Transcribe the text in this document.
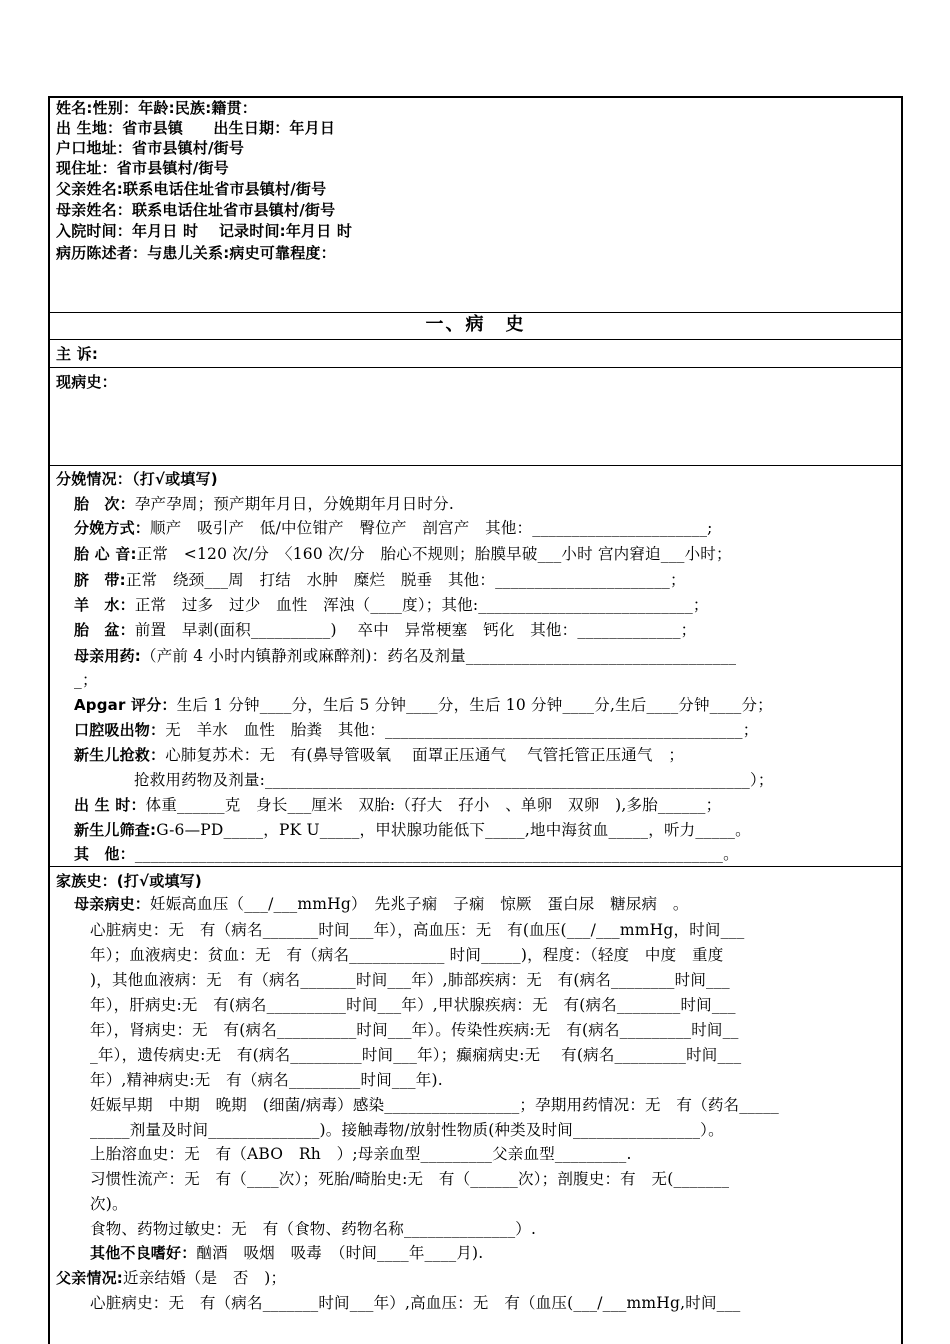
姓名:性别：年龄:民族:籍贯：
出 生地：省市县镇　　出生日期：年月日
户口地址：省市县镇村/街号
现住址：省市县镇村/街号
父亲姓名:联系电话住址省市县镇村/街号
母亲姓名：联系电话住址省市县镇村/街号
入院时间：年月日 时　 记录时间:年月日 时
病历陈述者：与患儿关系:病史可靠程度：
一、病　史
主 诉:
现病史：
分娩情况：（打√或填写)
胎　次：孕产孕周；预产期年月日，分娩期年月日时分.
分娩方式：顺产　吸引产　低/中位钳产　臀位产　剖宫产　其他：______________________;
胎 心 音:正常　<120 次/分　〈160 次/分　胎心不规则；胎膜早破___小时 宫内窘迫___小时；
脐　带:正常　绕颈___周　打结　水肿　糜烂　脱垂　其他：______________________；
羊　水：正常　过多　过少　血性　浑浊（____度）；其他:___________________________；
胎　盆：前置　早剥(面积__________)　 卒中　异常梗塞　钙化　其他：_____________；
母亲用药:（产前 4 小时内镇静剂或麻醉剂)：药名及剂量__________________________________
_；
Apgar 评分：生后 1 分钟____分，生后 5 分钟____分，生后 10 分钟____分,生后____分钟____分；
口腔吸出物：无　羊水　血性　胎粪　其他：_____________________________________________；
新生儿抢救：心肺复苏术：无　有(鼻导管吸氧　 面罩正压通气　 气管托管正压通气　；
抢救用药物及剂量:_____________________________________________________________）；
出 生 时：体重______克　身长___厘米　双胎:（孖大　孖小　、单卵　双卵　),多胎______；
新生儿筛查:G-6—PD_____，PK U_____，甲状腺功能低下_____,地中海贫血_____，听力_____。
其　他：__________________________________________________________________________。
家族史：(打√或填写)
母亲病史：妊娠高血压（___/___mmHg）　先兆子痫　子痫　惊厥　蛋白尿　糖尿病　。
心脏病史：无　有（病名_______时间___年），高血压：无　有(血压(___/___mmHg，时间___
年）；血液病史：贫血：无　有（病名____________ 时间_____)，程度：（轻度　中度　重度
)，其他血液病：无　有（病名_______时间___年）,肺部疾病：无　有(病名________时间___
年），肝病史:无　有(病名__________时间___年）,甲状腺疾病：无　有(病名________时间___
年），肾病史：无　有(病名__________时间___年）。传染性疾病:无　有(病名_________时间__
_年），遗传病史:无　有(病名_________时间___年）；癫痫病史:无　 有(病名_________时间___
年）,精神病史:无　有（病名_________时间___年).
妊娠早期　中期　晚期　(细菌/病毒）感染_________________；孕期用药情况：无　有（药名_____
_____剂量及时间______________)。接触毒物/放射性物质(种类及时间________________）。
上胎溶血史：无　有（ABO　Rh　）;母亲血型_________父亲血型_________.
习惯性流产：无　有（____次）；死胎/畸胎史:无　有（______次）；剖腹史：有　无(_______
次)。
食物、药物过敏史：无　有（食物、药物名称______________）.
其他不良嗜好：酗酒　吸烟　吸毒　（时间____年____月).
父亲情况:近亲结婚（是　否　)；
心脏病史：无　有（病名_______时间___年）,高血压：无　有（血压(___/___mmHg,时间___
